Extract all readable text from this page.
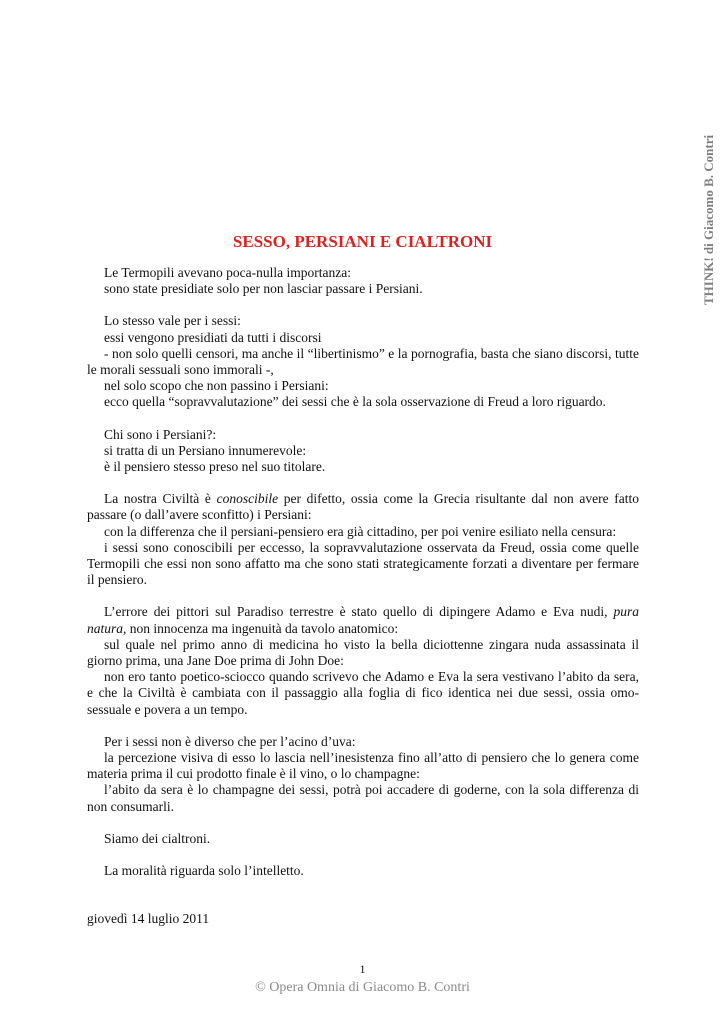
THINK! di Giacomo B. Contri
SESSO, PERSIANI E CIALTRONI

Le Termopili avevano poca-nulla importanza:

sono state presidiate solo per non lasciar passare i Persiani.

Lo stesso vale per i sessi:

essi vengono presidiati da tutti i discorsi

- non solo quelli censori, ma anche il “libertinismo” e la pornografia, basta che siano discorsi, tutte le morali sessuali sono immorali -,

nel solo scopo che non passino i Persiani:

ecco quella “sopravvalutazione” dei sessi che è la sola osservazione di Freud a loro riguardo.

Chi sono i Persiani?:

si tratta di un Persiano innumerevole:

è il pensiero stesso preso nel suo titolare.

La nostra Civiltà è conoscibile per difetto, ossia come la Grecia risultante dal non avere fatto passare (o dall’avere sconfitto) i Persiani:

con la differenza che il persiani-pensiero era già cittadino, per poi venire esiliato nella censura:

i sessi sono conoscibili per eccesso, la sopravvalutazione osservata da Freud, ossia come quelle Termopili che essi non sono affatto ma che sono stati strategicamente forzati a diventare per fermare il pensiero.

L’errore dei pittori sul Paradiso terrestre è stato quello di dipingere Adamo e Eva nudi, pura natura, non innocenza ma ingenuità da tavolo anatomico:

sul quale nel primo anno di medicina ho visto la bella diciottenne zingara nuda assassinata il giorno prima, una Jane Doe prima di John Doe:

non ero tanto poetico-sciocco quando scrivevo che Adamo e Eva la sera vestivano l’abito da sera, e che la Civiltà è cambiata con il passaggio alla foglia di fico identica nei due sessi, ossia omo-sessuale e povera a un tempo.

Per i sessi non è diverso che per l’acino d’uva:

la percezione visiva di esso lo lascia nell’inesistenza fino all’atto di pensiero che lo genera come materia prima il cui prodotto finale è il vino, o lo champagne:

l’abito da sera è lo champagne dei sessi, potrà poi accadere di goderne, con la sola differenza di non consumarli.

Siamo dei cialtroni.

La moralità riguarda solo l’intelletto.

giovedì 14 luglio 2011

1
© Opera Omnia di Giacomo B. Contri
